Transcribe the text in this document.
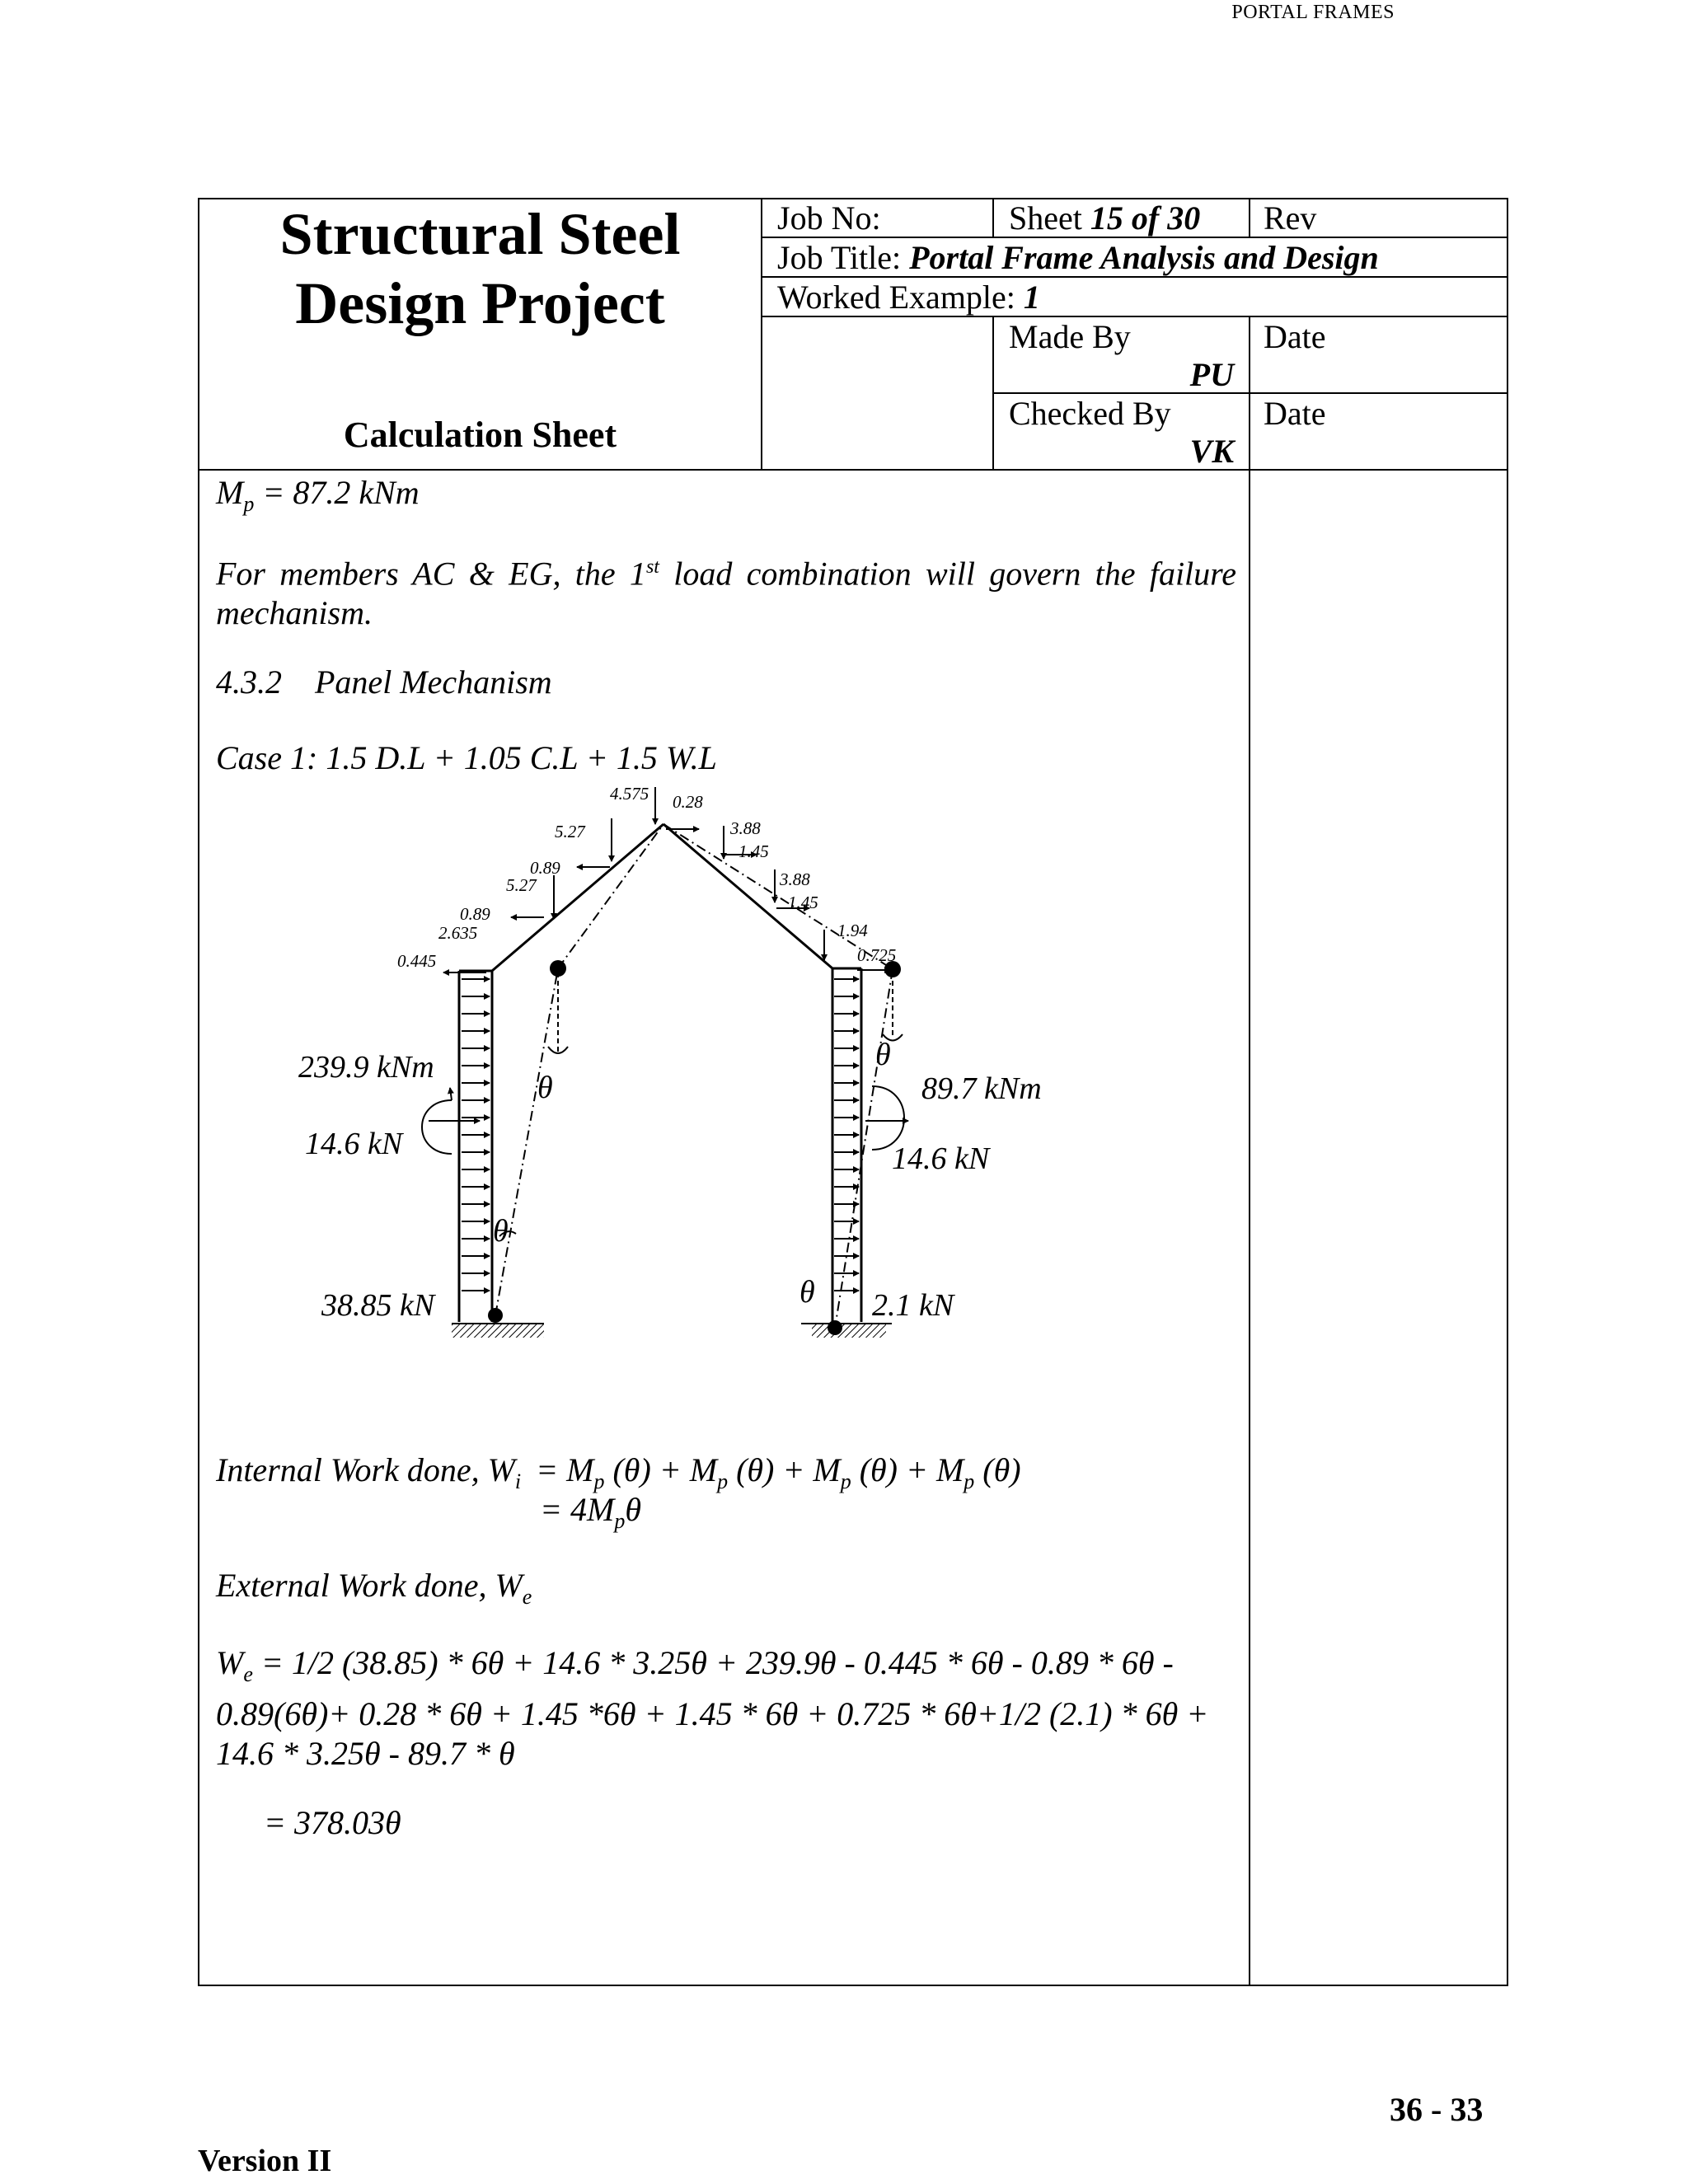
PORTAL FRAMES
Structural Steel
Design Project
Calculation Sheet
Job No:	Sheet 15 of 30 Rev
Job Title: Portal Frame Analysis and Design
Worked Example: 1
Made By
PU
Date
Checked By
VK
Date
$M_p = 87.2$ kNm
For members AC & EG, the 1st load combination will govern the failure mechanism.
4.3.2 Panel Mechanism
Case 1: 1.5 D.L + 1.05 C.L + 1.5 W.L
4.575 0.28
5.27
0.89
5.27
0.89
2.635
0.445
3.88
1.45
3.88
1.45
1.94
0.725
239.9 kNm
14.6 kN
38.85 kN
89.7 kNm
14.6 kN
2.1 kN
θ
θ
θ
θ
Internal Work done, $W_i = M_p$ $(\theta) + M_p$ $(\theta) + M_p$ $(\theta) + M_p$ (θ)
= $4M_p\theta$
External Work done, $W_e$
$W_e = 1/2$ (38.85) * 6θ + 14.6 * 3.25θ + 239.9θ - 0.445 * 6θ - 0.89 * 6θ -
0.89(6θ)+ 0.28 * 6θ + 1.45 *6θ + 1.45 * 6θ + 0.725 * 6θ+1/2 (2.1) * 6θ +
14.6 * 3.25θ - 89.7 * θ
= 378.03θ
36 - 33
Version II
